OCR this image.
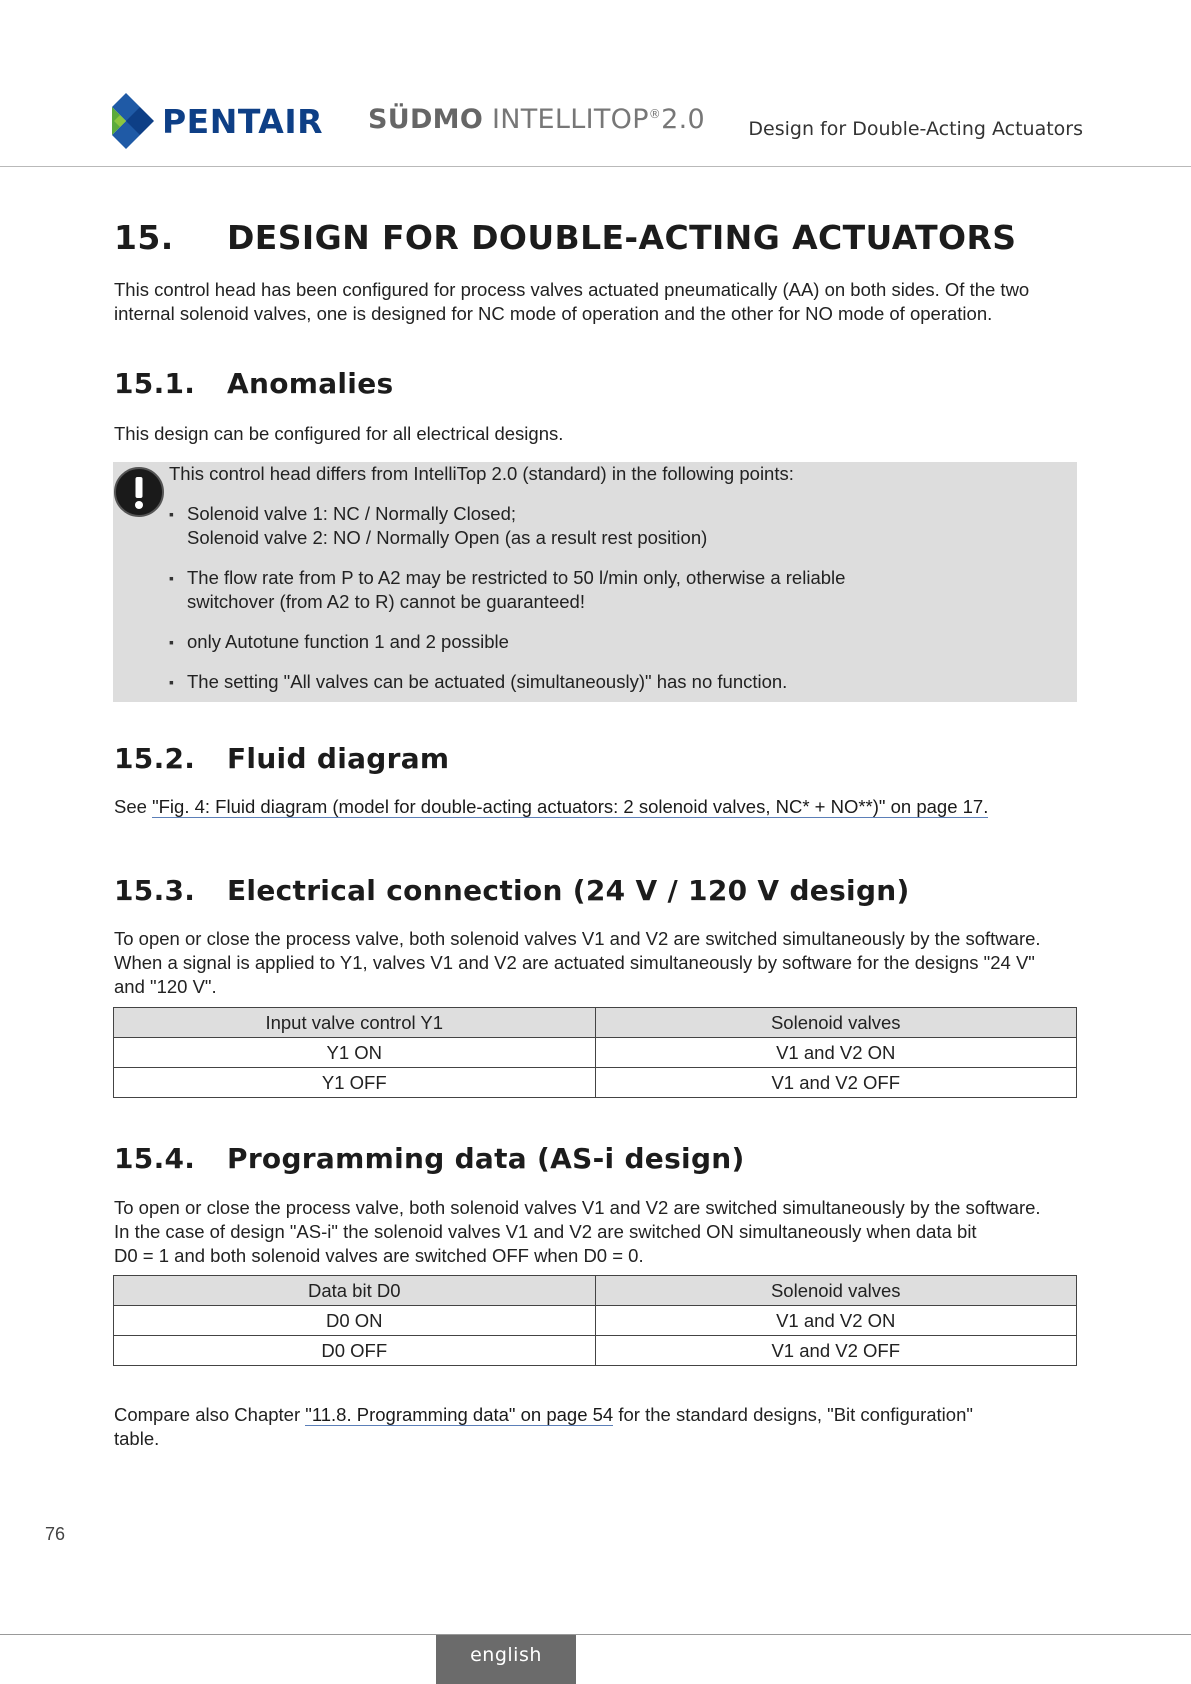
PENTAIR SÜDMO INTELLITOP®2.0 Design for Double-Acting Actuators
15. DESIGN FOR DOUBLE-ACTING ACTUATORS
This control head has been configured for process valves actuated pneumatically (AA) on both sides. Of the two internal solenoid valves, one is designed for NC mode of operation and the other for NO mode of operation.
15.1. Anomalies
This design can be configured for all electrical designs.

This control head differs from IntelliTop 2.0 (standard) in the following points:

▪ Solenoid valve 1: NC / Normally Closed;
Solenoid valve 2: NO / Normally Open (as a result rest position)
▪ The flow rate from P to A2 may be restricted to 50 l/min only, otherwise a reliable
switchover (from A2 to R) cannot be guaranteed!
▪ only Autotune function 1 and 2 possible
▪ The setting "All valves can be actuated (simultaneously)" has no function.
15.2. Fluid diagram
See "Fig. 4: Fluid diagram (model for double-acting actuators: 2 solenoid valves, NC* + NO**)" on page 17.
15.3. Electrical connection (24 V / 120 V design)
To open or close the process valve, both solenoid valves V1 and V2 are switched simultaneously by the software.
When a signal is applied to Y1, valves V1 and V2 are actuated simultaneously by software for the designs "24 V"
and "120 V".
Input valve control Y1	Solenoid valves
Y1 ON	V1 and V2 ON
Y1 OFF	V1 and V2 OFF
15.4. Programming data (AS-i design)
To open or close the process valve, both solenoid valves V1 and V2 are switched simultaneously by the software.
In the case of design "AS-i" the solenoid valves V1 and V2 are switched ON simultaneously when data bit
D0 = 1 and both solenoid valves are switched OFF when D0 = 0.
Data bit D0	Solenoid valves
D0 ON	V1 and V2 ON
D0 OFF	V1 and V2 OFF
Compare also Chapter "11.8. Programming data" on page 54 for the standard designs, "Bit configuration"
table.
76
english
